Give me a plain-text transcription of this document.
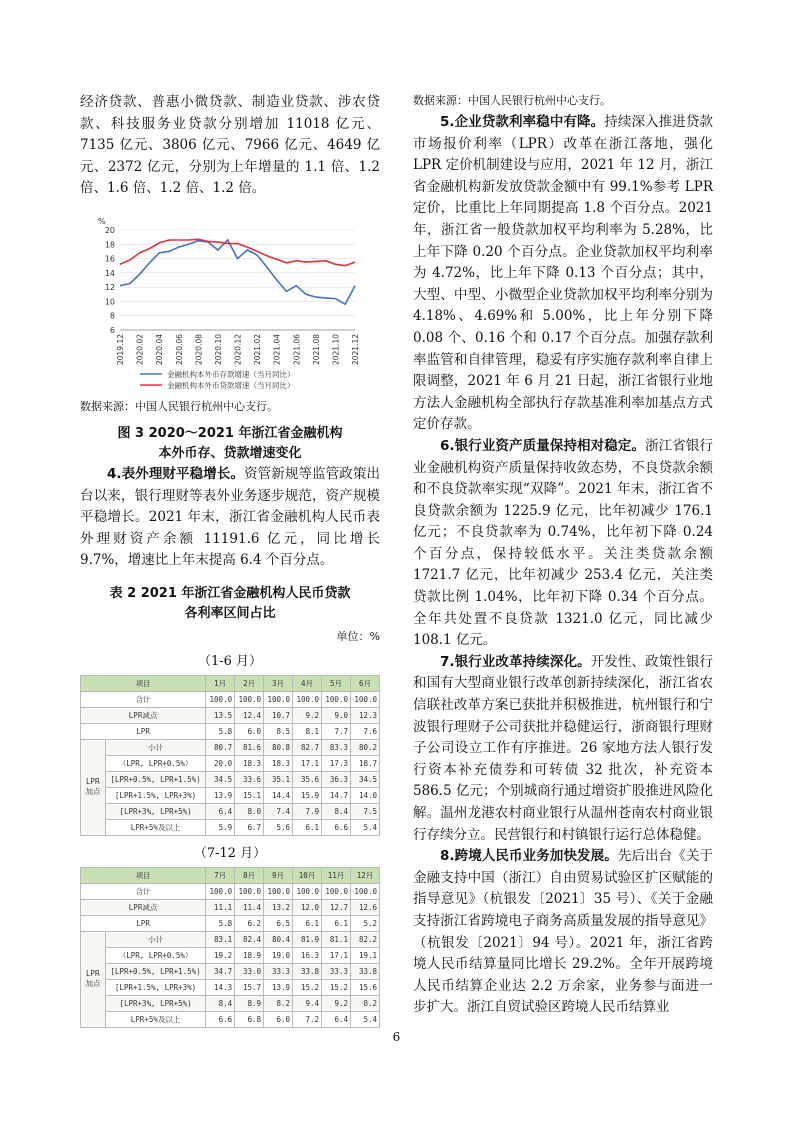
经济贷款、普惠小微贷款、制造业贷款、涉农贷款、科技服务业贷款分别增加 11018 亿元、7135 亿元、3806 亿元、7966 亿元、4649 亿元、2372 亿元，分别为上年增量的 1.1 倍、1.2 倍、1.6 倍、1.2 倍、1.2 倍。

%
6
8
10
12
14
16
18
20
2019.12 2020.02 2020.04 2020.06 2020.08 2020.10 2020.12 2021.02 2021.04 2021.06 2021.08 2021.10 2021.12
金融机构本外币存款增速（当月同比）
金融机构本外币贷款增速（当月同比）

数据来源：中国人民银行杭州中心支行。

图 3 2020～2021 年浙江省金融机构
本外币存、贷款增速变化

4.表外理财平稳增长。资管新规等监管政策出台以来，银行理财等表外业务逐步规范，资产规模平稳增长。2021 年末，浙江省金融机构人民币表外理财资产余额 11191.6 亿元，同比增长 9.7%，增速比上年末提高 6.4 个百分点。

表 2 2021 年浙江省金融机构人民币贷款
各利率区间占比
单位：%
（1-6 月）
项目		1月	2月	3月	4月	5月	6月
合计		100.0	100.0	100.0	100.0	100.0	100.0
LPR减点		13.5	12.4	10.7	9.2	9.0	12.3
LPR		5.8	6.0	8.5	8.1	7.7	7.6
LPR加点	小计	80.7	81.6	80.8	82.7	83.3	80.2
	（LPR, LPR+0.5%）	20.0	18.3	18.3	17.1	17.3	18.7
	[LPR+0.5%, LPR+1.5%)	34.5	33.6	35.1	35.6	36.3	34.5
	[LPR+1.5%, LPR+3%)	13.9	15.1	14.4	15.9	14.7	14.0
	[LPR+3%, LPR+5%)	6.4	8.0	7.4	7.9	8.4	7.5
	LPR+5%及以上	5.9	6.7	5.6	6.1	6.6	5.4
（7-12 月）
项目		7月	8月	9月	10月	11月	12月
合计		100.0	100.0	100.0	100.0	100.0	100.0
LPR减点		11.1	11.4	13.2	12.0	12.7	12.6
LPR		5.8	6.2	6.5	6.1	6.1	5.2
LPR加点	小计	83.1	82.4	80.4	81.9	81.1	82.2
	（LPR, LPR+0.5%）	19.2	18.9	19.0	16.3	17.1	19.1
	[LPR+0.5%, LPR+1.5%)	34.7	33.0	33.3	33.8	33.3	33.8
	[LPR+1.5%, LPR+3%)	14.3	15.7	13.9	15.2	15.2	15.6
	[LPR+3%, LPR+5%)	8.4	8.9	8.2	9.4	9.2	8.2
	LPR+5%及以上	6.6	6.8	6.0	7.2	6.4	5.4

数据来源：中国人民银行杭州中心支行。

5.企业贷款利率稳中有降。持续深入推进贷款市场报价利率（LPR）改革在浙江落地，强化 LPR 定价机制建设与应用，2021 年 12 月，浙江省金融机构新发放贷款金额中有 99.1%参考 LPR 定价，比重比上年同期提高 1.8 个百分点。2021 年，浙江省一般贷款加权平均利率为 5.28%，比上年下降 0.20 个百分点。企业贷款加权平均利率为 4.72%，比上年下降 0.13 个百分点；其中，大型、中型、小微型企业贷款加权平均利率分别为 4.18%、4.69%和 5.00%，比上年分别下降 0.08 个、0.16 个和 0.17 个百分点。加强存款利率监管和自律管理，稳妥有序实施存款利率自律上限调整，2021 年 6 月 21 日起，浙江省银行业地方法人金融机构全部执行存款基准利率加基点方式定价存款。

6.银行业资产质量保持相对稳定。浙江省银行业金融机构资产质量保持收敛态势，不良贷款余额和不良贷款率实现“双降”。2021 年末，浙江省不良贷款余额为 1225.9 亿元，比年初减少 176.1 亿元；不良贷款率为 0.74%，比年初下降 0.24 个百分点，保持较低水平。关注类贷款余额 1721.7 亿元，比年初减少 253.4 亿元，关注类贷款比例 1.04%，比年初下降 0.34 个百分点。全年共处置不良贷款 1321.0 亿元，同比减少 108.1 亿元。

7.银行业改革持续深化。开发性、政策性银行和国有大型商业银行改革创新持续深化，浙江省农信联社改革方案已获批并积极推进，杭州银行和宁波银行理财子公司获批并稳健运行，浙商银行理财子公司设立工作有序推进。26 家地方法人银行发行资本补充债券和可转债 32 批次，补充资本 586.5 亿元；个别城商行通过增资扩股推进风险化解。温州龙港农村商业银行从温州苍南农村商业银行存续分立。民营银行和村镇银行运行总体稳健。

8.跨境人民币业务加快发展。先后出台《关于金融支持中国（浙江）自由贸易试验区扩区赋能的指导意见》（杭银发〔2021〕35 号）、《关于金融支持浙江省跨境电子商务高质量发展的指导意见》（杭银发〔2021〕94 号）。2021 年，浙江省跨境人民币结算量同比增长 29.2%。全年开展跨境人民币结算企业达 2.2 万余家，业务参与面进一步扩大。浙江自贸试验区跨境人民币结算业

6
